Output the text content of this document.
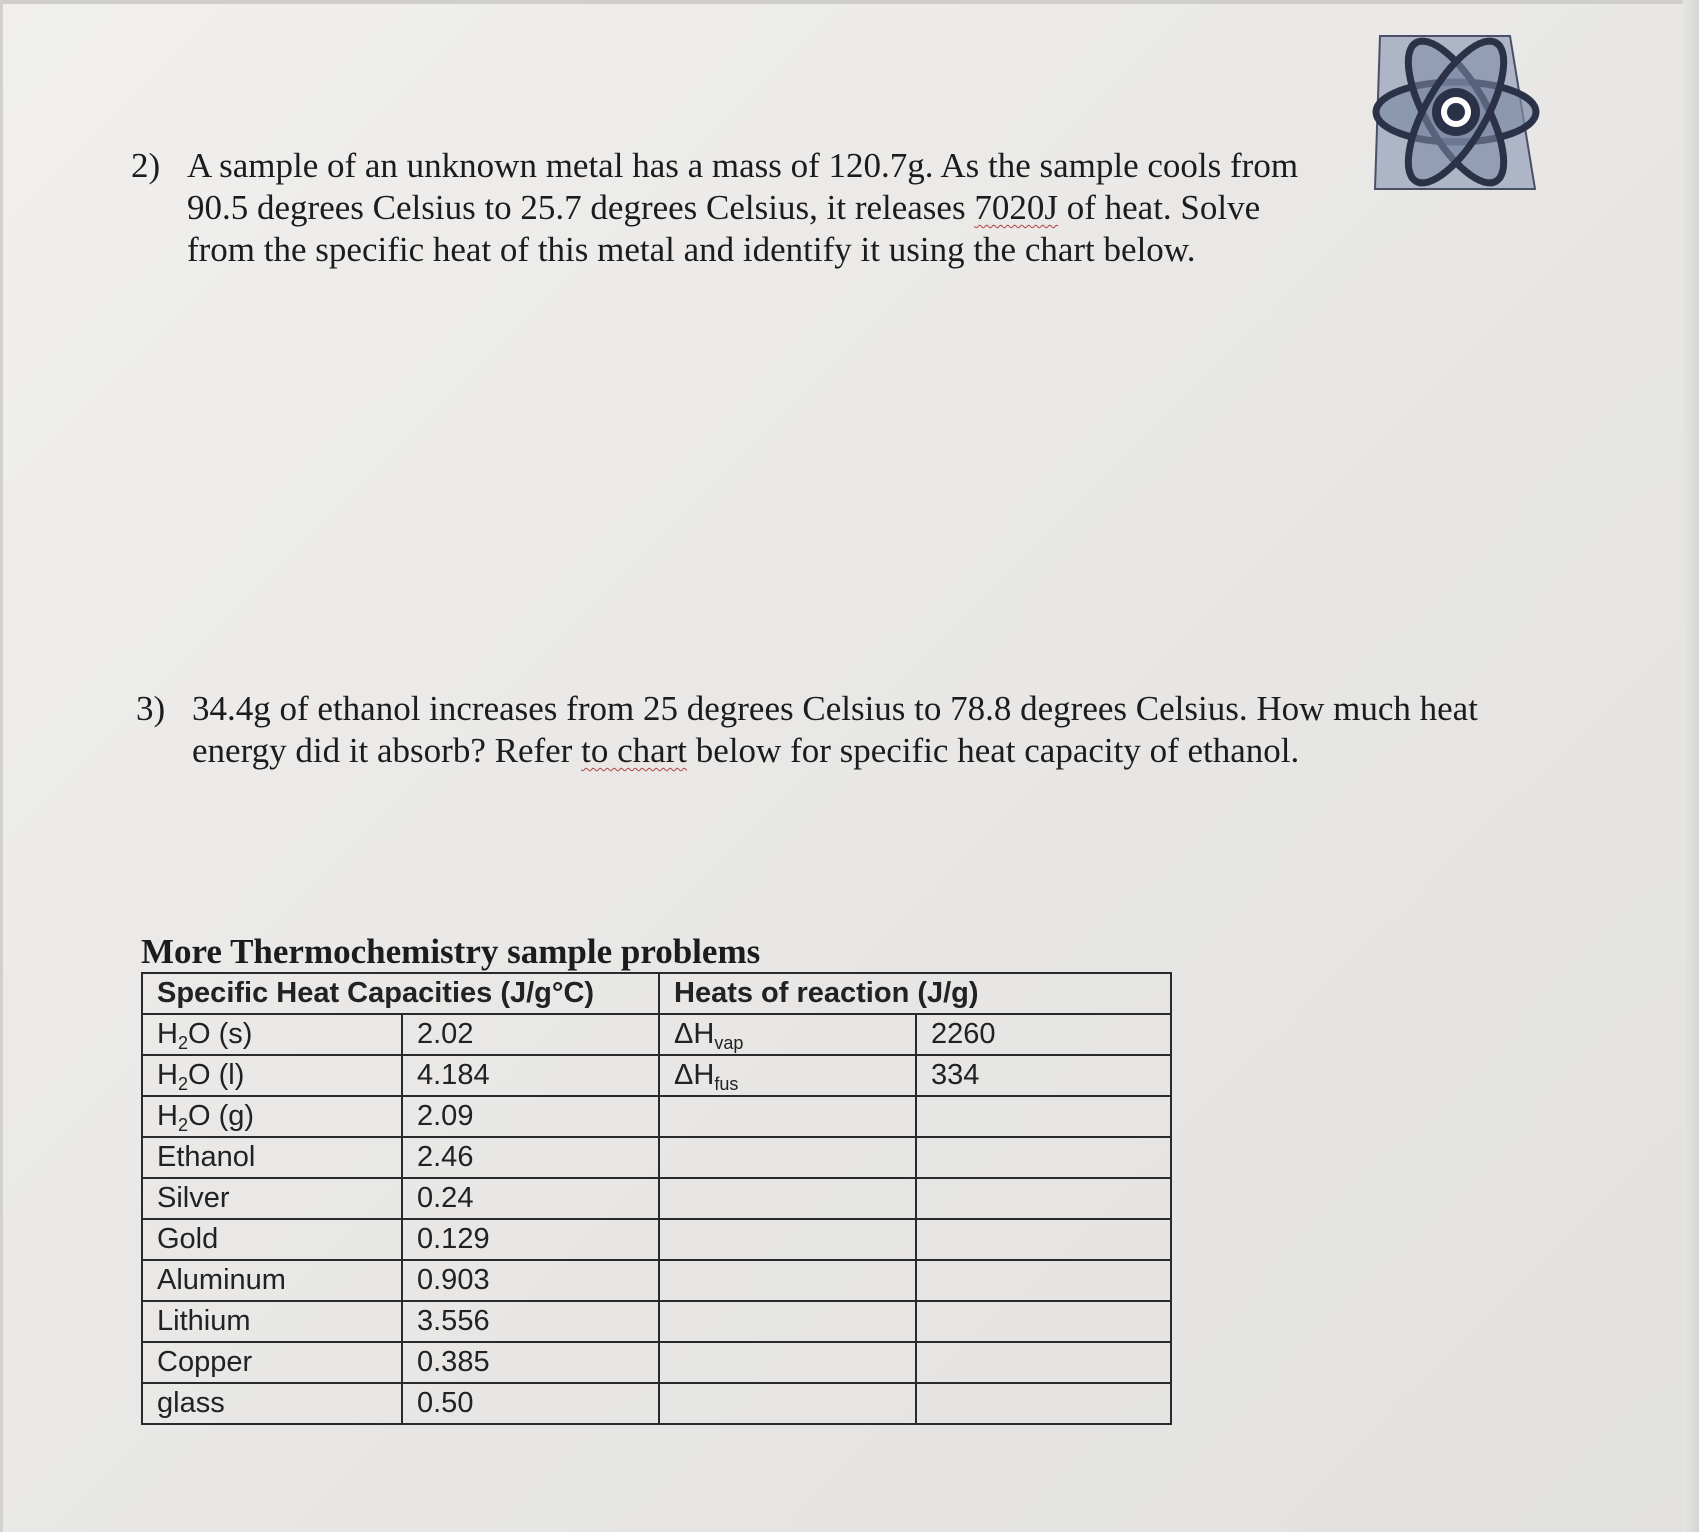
2) A sample of an unknown metal has a mass of 120.7g. As the sample cools from
90.5 degrees Celsius to 25.7 degrees Celsius, it releases 7020J of heat. Solve
from the specific heat of this metal and identify it using the chart below.
3) 34.4g of ethanol increases from 25 degrees Celsius to 78.8 degrees Celsius. How much heat
energy did it absorb? Refer to chart below for specific heat capacity of ethanol.
More Thermochemistry sample problems
Specific Heat Capacities (J/g°C)		Heats of reaction (J/g)	
$H_2O$ (s)	2.02	$\Delta H_{vap}$	2260
$H_2O$ (l)	4.184	$\Delta H_{fus}$	334
$H_2O$ (g)	2.09		
Ethanol	2.46		
Silver	0.24		
Gold	0.129		
Aluminum	0.903		
Lithium	3.556		
Copper	0.385		
glass	0.50		
